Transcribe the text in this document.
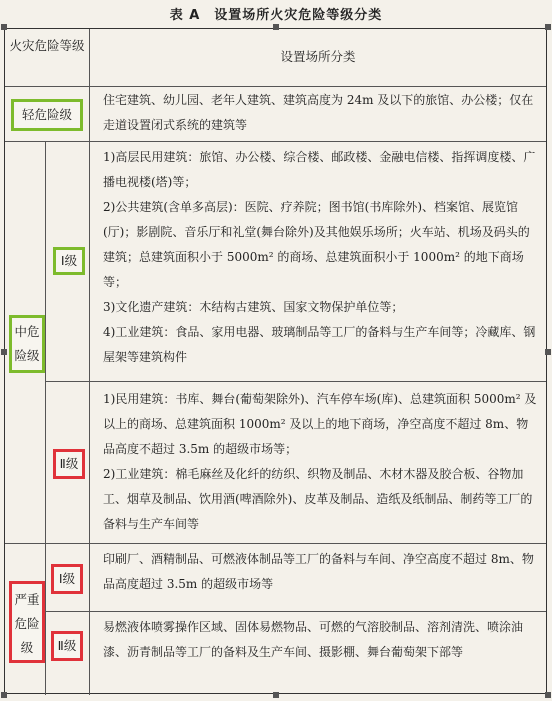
表 A　设置场所火灾危险等级分类
火灾危险等级
设置场所分类
轻危险级
住宅建筑、幼儿园、老年人建筑、建筑高度为 24m 及以下的旅馆、办公楼；仅在走道设置闭式系统的建筑等
中危险级
Ⅰ级

1)高层民用建筑：旅馆、办公楼、综合楼、邮政楼、金融电信楼、指挥调度楼、广播电视楼(塔)等；

2)公共建筑(含单多高层)：医院、疗养院；图书馆(书库除外)、档案馆、展览馆(厅)；影剧院、音乐厅和礼堂(舞台除外)及其他娱乐场所；火车站、机场及码头的建筑；总建筑面积小于 5000m² 的商场、总建筑面积小于 1000m² 的地下商场等；

3)文化遗产建筑：木结构古建筑、国家文物保护单位等；

4)工业建筑：食品、家用电器、玻璃制品等工厂的备料与生产车间等；冷藏库、钢屋架等建筑构件

Ⅱ级

1)民用建筑：书库、舞台(葡萄架除外)、汽车停车场(库)、总建筑面积 5000m² 及以上的商场、总建筑面积 1000m² 及以上的地下商场，净空高度不超过 8m、物品高度不超过 3.5m 的超级市场等；

2)工业建筑：棉毛麻丝及化纤的纺织、织物及制品、木材木器及胶合板、谷物加工、烟草及制品、饮用酒(啤酒除外)、皮革及制品、造纸及纸制品、制药等工厂的备料与生产车间等

严重危险级
Ⅰ级
印刷厂、酒精制品、可燃液体制品等工厂的备料与车间、净空高度不超过 8m、物品高度超过 3.5m 的超级市场等
Ⅱ级
易燃液体喷雾操作区域、固体易燃物品、可燃的气溶胶制品、溶剂清洗、喷涂油漆、沥青制品等工厂的备料及生产车间、摄影棚、舞台葡萄架下部等
